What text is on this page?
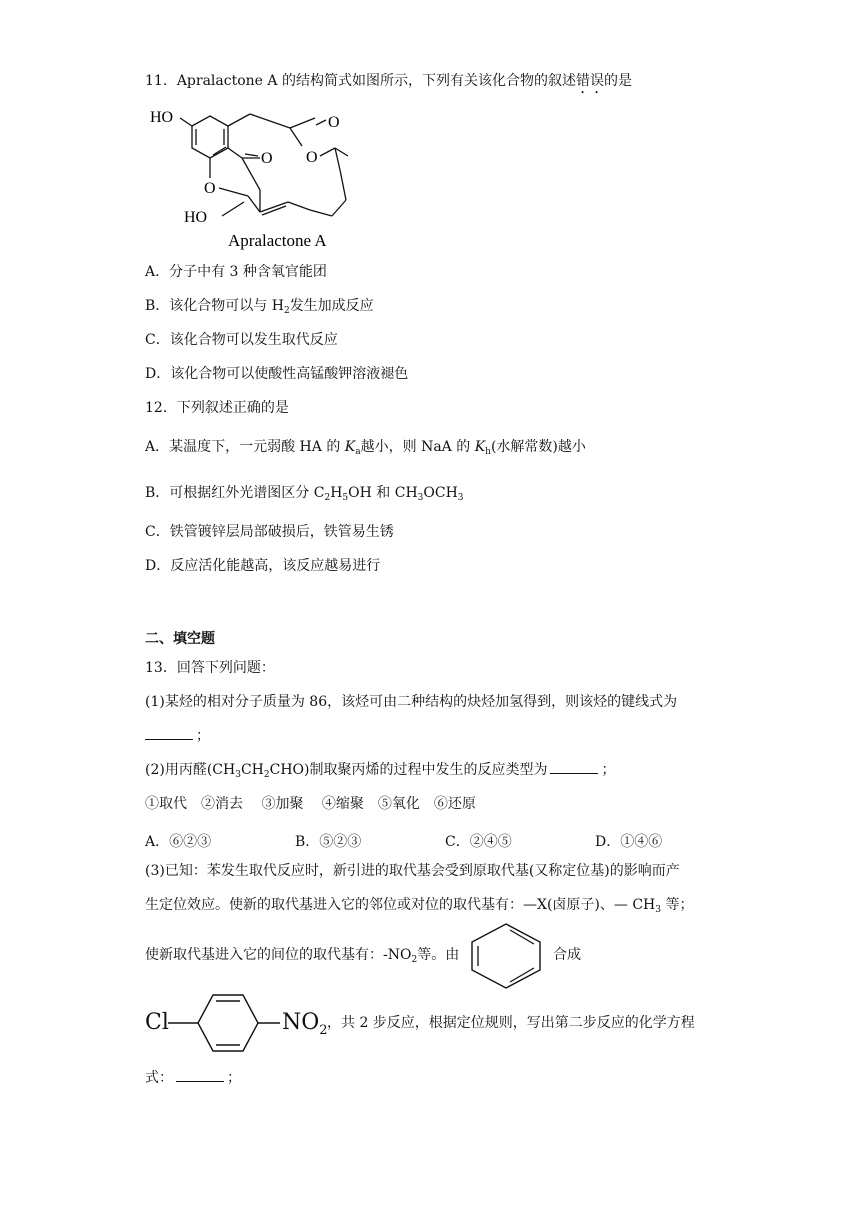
11．Apralactone A 的结构简式如图所示，下列有关该化合物的叙述错误的是
HO	O
O O
O
HO
Apralactone A
A．分子中有 3 种含氧官能团
B．该化合物可以与 $H_2$发生加成反应
C．该化合物可以发生取代反应
D．该化合物可以使酸性高锰酸钾溶液褪色
12．下列叙述正确的是
A．某温度下，一元弱酸 HA 的 $K_a$越小，则 NaA 的 $K_h$(水解常数)越小
B．可根据红外光谱图区分 $C_2H_5OH$ 和 $CH_3OCH_3$
C．铁管镀锌层局部破损后，铁管易生锈
D．反应活化能越高，该反应越易进行
二、填空题
13．回答下列问题：
(1)某烃的相对分子质量为 86，该烃可由二种结构的炔烃加氢得到，则该烃的键线式为
；
(2)用丙醛$(CH_3CH_2CHO)$制取聚丙烯的过程中发生的反应类型为	；
①取代　②消去　 ③加聚　 ④缩聚　⑤氧化　⑥还原
A．⑥②③	B．⑤②③	C．②④⑤	D．①④⑥
(3)已知：苯发生取代反应时，新引进的取代基会受到原取代基(又称定位基)的影响而产
生定位效应。使新的取代基进入它的邻位或对位的取代基有：—X(卤原子)、— $CH_3$ 等；
使新取代基进入它的间位的取代基有：$-NO_2$等。由	合成
Cl	$NO_2$ ，共 2 步反应，根据定位规则，写出第二步反应的化学方程
式：	；
